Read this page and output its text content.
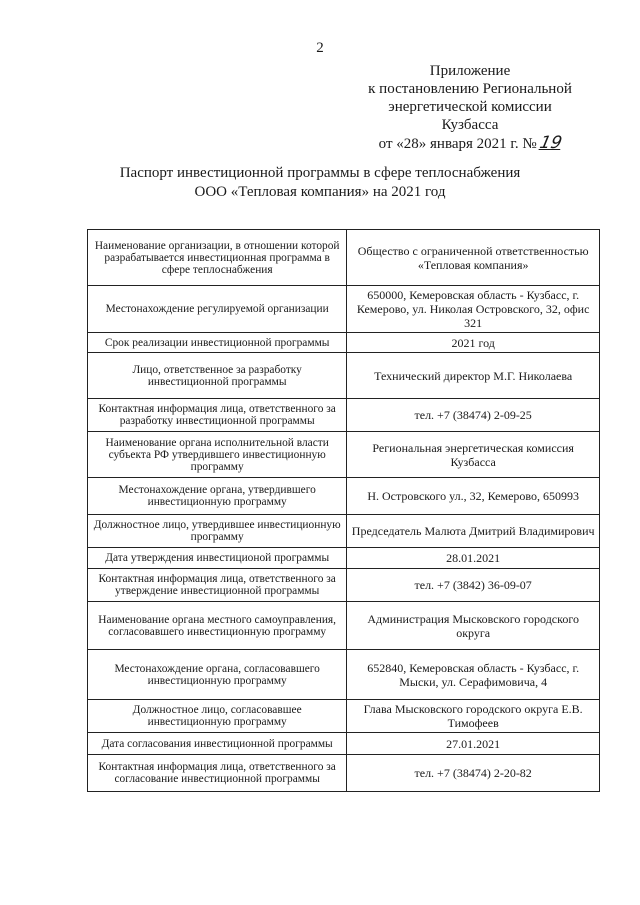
2
Приложение
к постановлению Региональной
энергетической комиссии
Кузбасса
от «28» января 2021 г. №19
Паспорт инвестиционной программы в сфере теплоснабжения
ООО «Тепловая компания» на 2021 год
Наименование организации, в отношении которой разрабатывается инвестиционная программа в сфере теплоснабжения	Общество с ограниченной ответственностью «Тепловая компания»
Местонахождение регулируемой организации	650000, Кемеровская область - Кузбасс, г. Кемерово, ул. Николая Островского, 32, офис 321
Срок реализации инвестиционной программы	2021 год
Лицо, ответственное за разработку инвестиционной программы	Технический директор М.Г. Николаева
Контактная информация лица, ответственного за разработку инвестиционной программы	тел. +7 (38474) 2-09-25
Наименование органа исполнительной власти субъекта РФ утвердившего инвестиционную программу	Региональная энергетическая комиссия Кузбасса
Местонахождение органа, утвердившего инвестиционную программу	Н. Островского ул., 32, Кемерово, 650993
Должностное лицо, утвердившее инвестиционную программу	Председатель Малюта Дмитрий Владимирович
Дата утверждения инвестиционой программы	28.01.2021
Контактная информация лица, ответственного за утверждение инвестиционной программы	тел. +7 (3842) 36-09-07
Наименование органа местного самоуправления, согласовавшего инвестиционную программу	Администрация Мысковского городского округа
Местонахождение органа, согласовавшего инвестиционную программу	652840, Кемеровская область - Кузбасс, г. Мыски, ул. Серафимовича, 4
Должностное лицо, согласовавшее инвестиционную программу	Глава Мысковского городского округа Е.В. Тимофеев
Дата согласования инвестиционной программы	27.01.2021
Контактная информация лица, ответственного за согласование инвестиционной программы	тел. +7 (38474) 2-20-82
